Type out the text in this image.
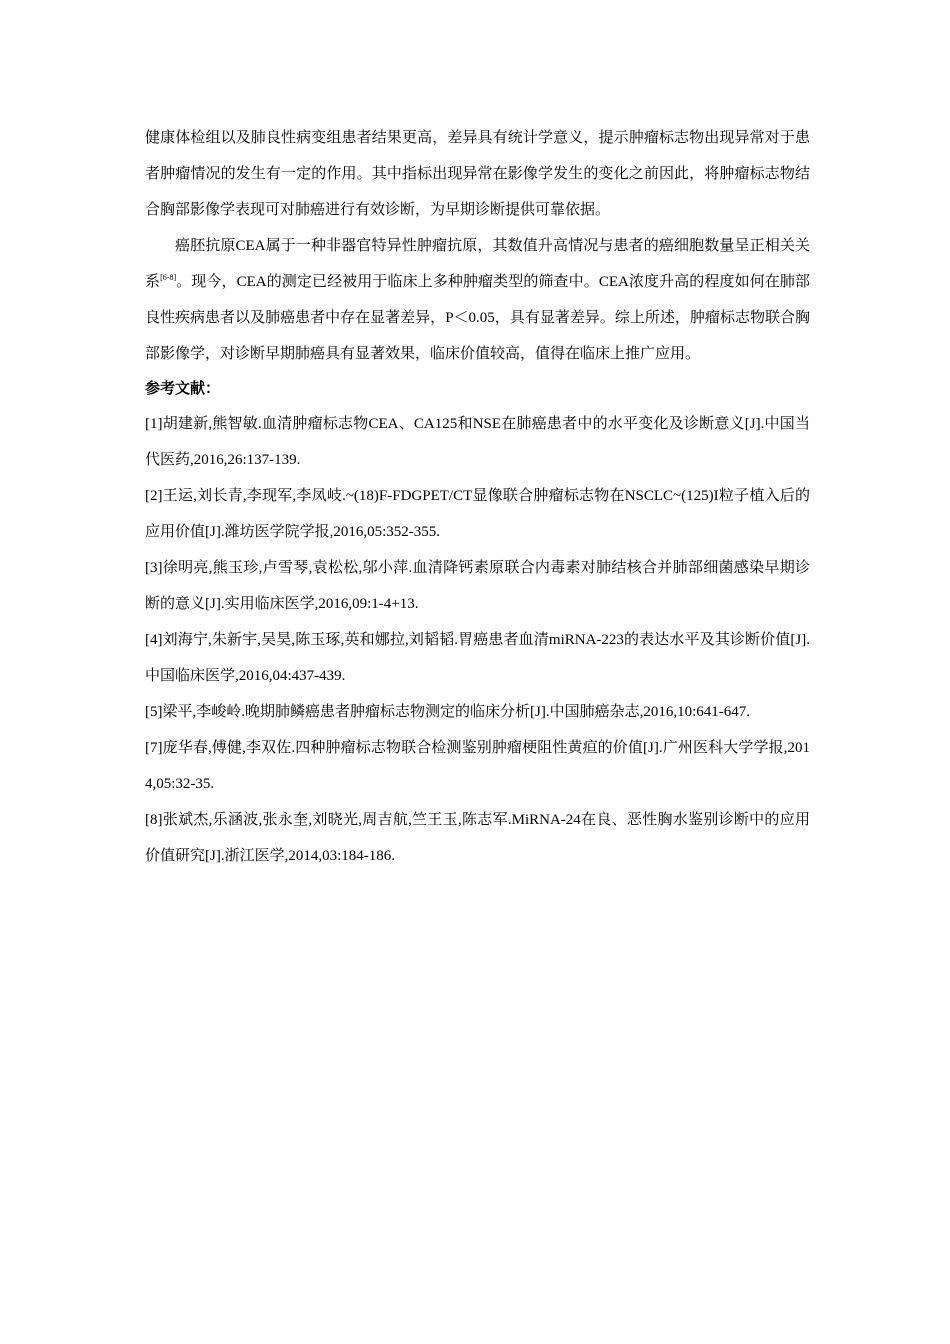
健康体检组以及肺良性病变组患者结果更高，差异具有统计学意义，提示肿瘤标志物出现异常对于患者肿瘤情况的发生有一定的作用。其中指标出现异常在影像学发生的变化之前因此，将肿瘤标志物结合胸部影像学表现可对肺癌进行有效诊断，为早期诊断提供可靠依据。

癌胚抗原CEA属于一种非器官特异性肿瘤抗原，其数值升高情况与患者的癌细胞数量呈正相关关系[6-8]。现今，CEA的测定已经被用于临床上多种肿瘤类型的筛查中。CEA浓度升高的程度如何在肺部良性疾病患者以及肺癌患者中存在显著差异，P＜0.05，具有显著差异。综上所述，肿瘤标志物联合胸部影像学，对诊断早期肺癌具有显著效果，临床价值较高，值得在临床上推广应用。

参考文献：

[1]胡建新,熊智敏.血清肿瘤标志物CEA、CA125和NSE在肺癌患者中的水平变化及诊断意义[J].中国当代医药,2016,26:137-139.
[2]王运,刘长青,李现军,李凤岐.~(18)F-FDGPET/CT显像联合肿瘤标志物在NSCLC~(125)I粒子植入后的应用价值[J].潍坊医学院学报,2016,05:352-355.
[3]徐明亮,熊玉珍,卢雪琴,袁松松,邬小萍.血清降钙素原联合内毒素对肺结核合并肺部细菌感染早期诊断的意义[J].实用临床医学,2016,09:1-4+13.
[4]刘海宁,朱新宇,吴昊,陈玉琢,英和娜拉,刘韬韬.胃癌患者血清miRNA-223的表达水平及其诊断价值[J].中国临床医学,2016,04:437-439.
[5]梁平,李峻岭.晚期肺鳞癌患者肿瘤标志物测定的临床分析[J].中国肺癌杂志,2016,10:641-647.
[7]庞华春,傅健,李双佐.四种肿瘤标志物联合检测鉴别肿瘤梗阻性黄疸的价值[J].广州医科大学学报,2014,05:32-35.
[8]张斌杰,乐涵波,张永奎,刘晓光,周吉航,竺王玉,陈志军.MiRNA-24在良、恶性胸水鉴别诊断中的应用价值研究[J].浙江医学,2014,03:184-186.
